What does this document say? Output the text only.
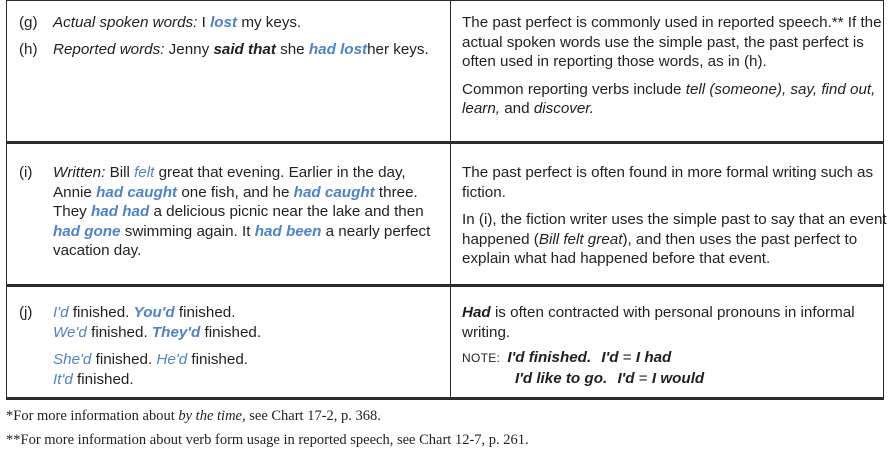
(g) Actual spoken words: I lost my keys.
(h) Reported words: Jenny said that she had losther keys.

The past perfect is commonly used in reported speech.** If the actual spoken words use the simple past, the past perfect is often used in reporting those words, as in (h).

Common reporting verbs include tell (someone), say, find out, learn, and discover.

(i) Written: Bill felt great that evening. Earlier in the day, Annie had caught one fish, and he had caught three. They had had a delicious picnic near the lake and then had gone swimming again. It had been a nearly perfect vacation day.

The past perfect is often found in more formal writing such as fiction.

In (i), the fiction writer uses the simple past to say that an event happened (Bill felt great), and then uses the past perfect to explain what had happened before that event.

(j) I'd finished. You'd finished.
We'd finished. They'd finished.
She'd finished. He'd finished.
It'd finished.

Had is often contracted with personal pronouns in informal writing.

NOTE: I'd finished. I'd = I had
I'd like to go. I'd = I would
*For more information about by the time, see Chart 17-2, p. 368.
**For more information about verb form usage in reported speech, see Chart 12-7, p. 261.
